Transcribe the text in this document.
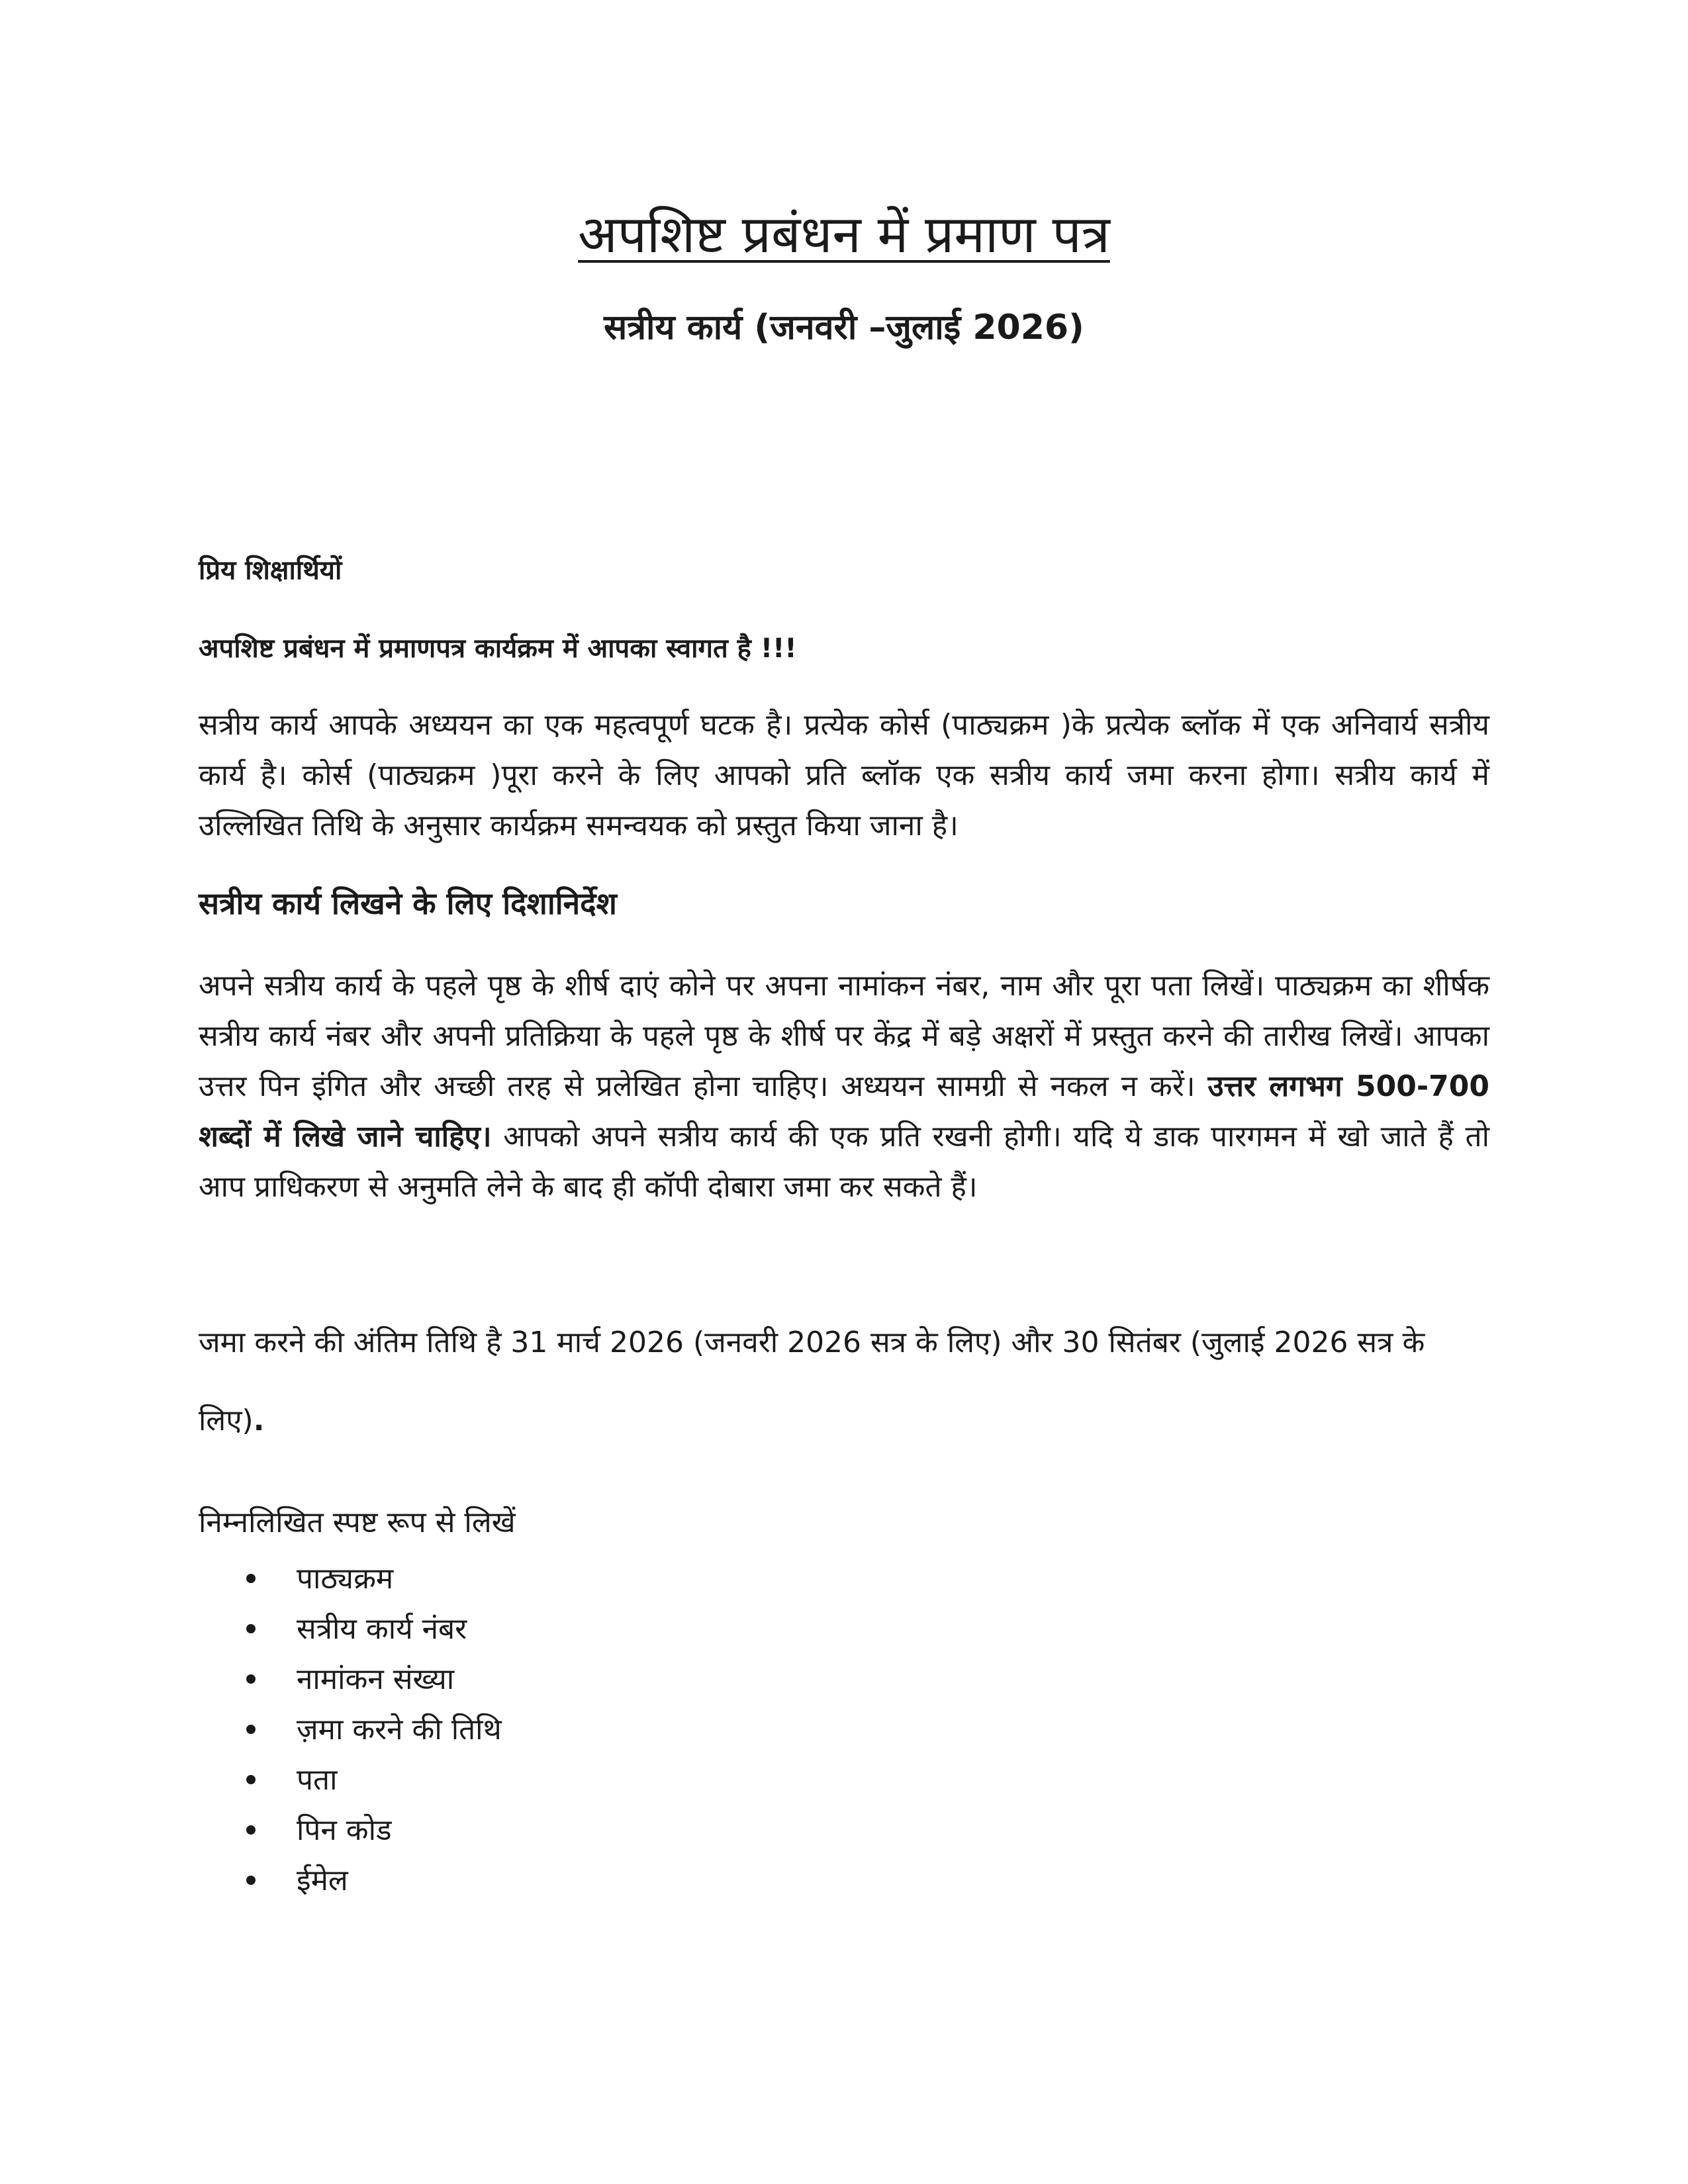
अपशिष्ट प्रबंधन में प्रमाण पत्र
सत्रीय कार्य (जनवरी –जुलाई 2026)

प्रिय शिक्षार्थियों

अपशिष्ट प्रबंधन में प्रमाणपत्र कार्यक्रम में आपका स्वागत है !!!

सत्रीय कार्य आपके अध्ययन का एक महत्वपूर्ण घटक है। प्रत्येक कोर्स (पाठ्यक्रम )के प्रत्येक ब्लॉक में एक अनिवार्य सत्रीय कार्य है। कोर्स (पाठ्यक्रम )पूरा करने के लिए आपको प्रति ब्लॉक एक सत्रीय कार्य जमा करना होगा। सत्रीय कार्य में उल्लिखित तिथि के अनुसार कार्यक्रम समन्वयक को प्रस्तुत किया जाना है।

सत्रीय कार्य लिखने के लिए दिशानिर्देश

अपने सत्रीय कार्य के पहले पृष्ठ के शीर्ष दाएं कोने पर अपना नामांकन नंबर, नाम और पूरा पता लिखें। पाठ्यक्रम का शीर्षक सत्रीय कार्य नंबर और अपनी प्रतिक्रिया के पहले पृष्ठ के शीर्ष पर केंद्र में बड़े अक्षरों में प्रस्तुत करने की तारीख लिखें। आपका उत्तर पिन इंगित और अच्छी तरह से प्रलेखित होना चाहिए। अध्ययन सामग्री से नकल न करें। उत्तर लगभग 500-700 शब्दों में लिखे जाने चाहिए। आपको अपने सत्रीय कार्य की एक प्रति रखनी होगी। यदि ये डाक पारगमन में खो जाते हैं तो आप प्राधिकरण से अनुमति लेने के बाद ही कॉपी दोबारा जमा कर सकते हैं।

जमा करने की अंतिम तिथि है 31 मार्च 2026 (जनवरी 2026 सत्र के लिए) और 30 सितंबर (जुलाई 2026 सत्र के लिए).

निम्नलिखित स्पष्ट रूप से लिखें

पाठ्यक्रम
सत्रीय कार्य नंबर
नामांकन संख्या
ज़मा करने की तिथि
पता
पिन कोड
ईमेल
